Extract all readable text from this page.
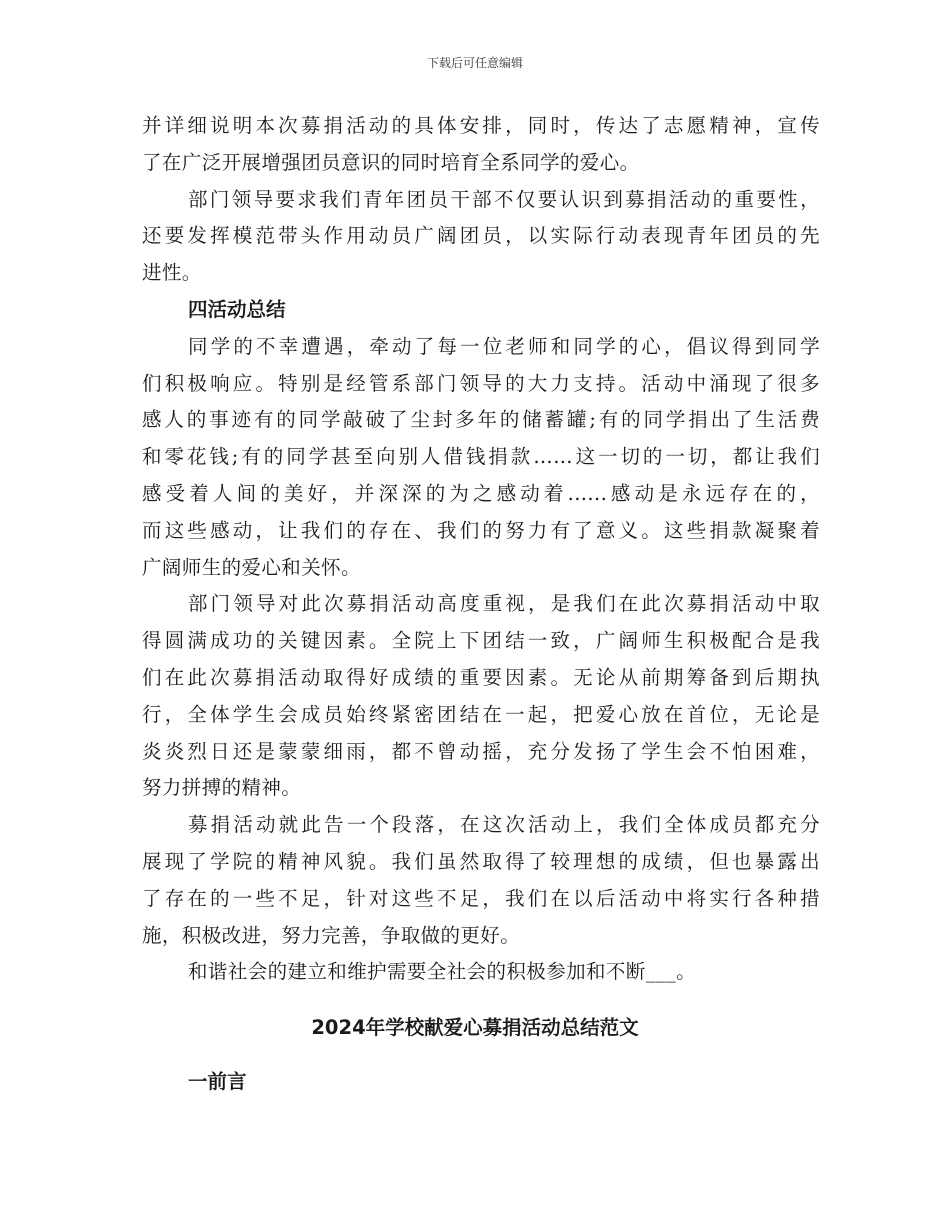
下载后可任意编辑
并详细说明本次募捐活动的具体安排，同时，传达了志愿精神，宣传
了在广泛开展增强团员意识的同时培育全系同学的爱心。
部门领导要求我们青年团员干部不仅要认识到募捐活动的重要性，
还要发挥模范带头作用动员广阔团员，以实际行动表现青年团员的先
进性。
四活动总结
同学的不幸遭遇，牵动了每一位老师和同学的心，倡议得到同学
们积极响应。特别是经管系部门领导的大力支持。活动中涌现了很多
感人的事迹有的同学敲破了尘封多年的储蓄罐;有的同学捐出了生活费
和零花钱;有的同学甚至向别人借钱捐款……这一切的一切，都让我们
感受着人间的美好，并深深的为之感动着......感动是永远存在的，
而这些感动，让我们的存在、我们的努力有了意义。这些捐款凝聚着
广阔师生的爱心和关怀。
部门领导对此次募捐活动高度重视，是我们在此次募捐活动中取
得圆满成功的关键因素。全院上下团结一致，广阔师生积极配合是我
们在此次募捐活动取得好成绩的重要因素。无论从前期筹备到后期执
行，全体学生会成员始终紧密团结在一起，把爱心放在首位，无论是
炎炎烈日还是蒙蒙细雨，都不曾动摇，充分发扬了学生会不怕困难，
努力拼搏的精神。
募捐活动就此告一个段落，在这次活动上，我们全体成员都充分
展现了学院的精神风貌。我们虽然取得了较理想的成绩，但也暴露出
了存在的一些不足，针对这些不足，我们在以后活动中将实行各种措
施，积极改进，努力完善，争取做的更好。
和谐社会的建立和维护需要全社会的积极参加和不断___。
2024年学校献爱心募捐活动总结范文
一前言
